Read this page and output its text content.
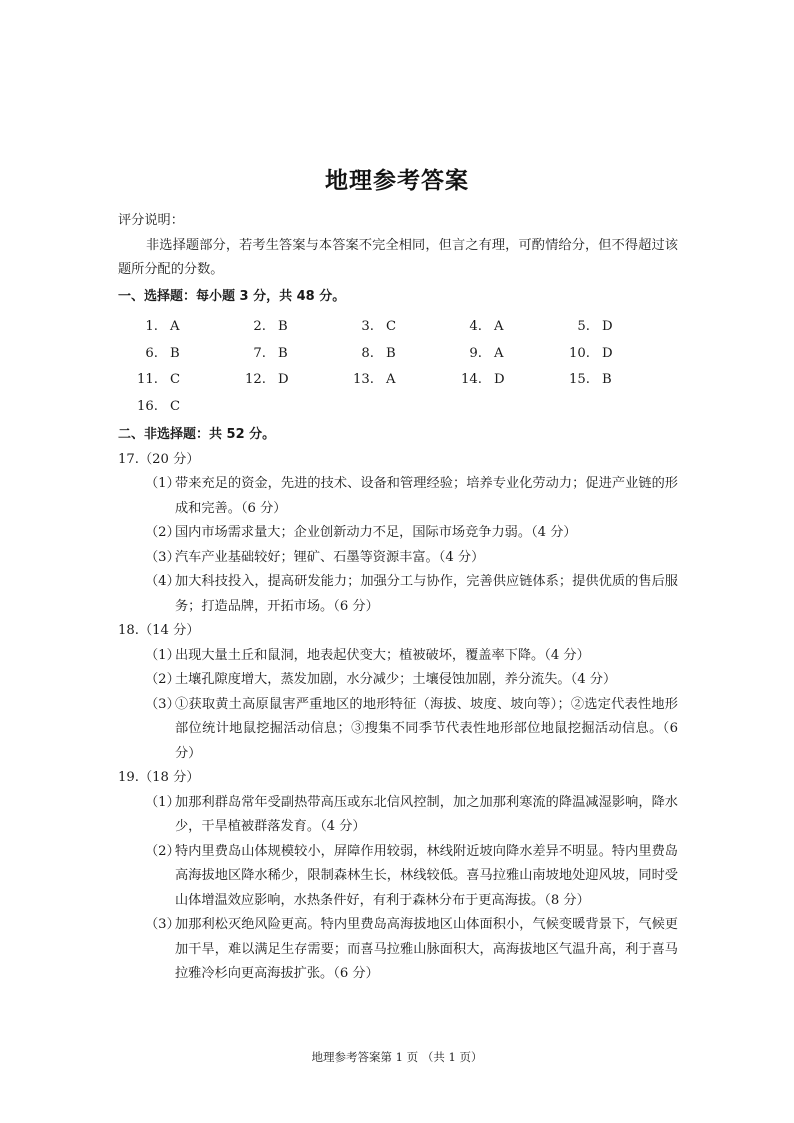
地理参考答案
评分说明：
非选择题部分，若考生答案与本答案不完全相同，但言之有理，可酌情给分，但不得超过该题所分配的分数。
一、选择题：每小题 3 分，共 48 分。
1. A	2. B	3. C	4. A	5. D
6. B	7. B	8. B	9. A	10. D
11. C	12. D	13. A	14. D	15. B
16. C
二、非选择题：共 52 分。
17.（20 分）
（1）
带来充足的资金，先进的技术、设备和管理经验；培养专业化劳动力；促进产业链的形成和完善。（6 分）
（2）
国内市场需求量大；企业创新动力不足，国际市场竞争力弱。（4 分）
（3）
汽车产业基础较好；锂矿、石墨等资源丰富。（4 分）
（4）
加大科技投入，提高研发能力；加强分工与协作，完善供应链体系；提供优质的售后服务；打造品牌，开拓市场。（6 分）
18.（14 分）
（1）
出现大量土丘和鼠洞，地表起伏变大；植被破坏，覆盖率下降。（4 分）
（2）
土壤孔隙度增大，蒸发加剧，水分减少；土壤侵蚀加剧，养分流失。（4 分）
（3）
①获取黄土高原鼠害严重地区的地形特征（海拔、坡度、坡向等）；②选定代表性地形部位统计地鼠挖掘活动信息；③搜集不同季节代表性地形部位地鼠挖掘活动信息。（6 分）
19.（18 分）
（1）
加那利群岛常年受副热带高压或东北信风控制，加之加那利寒流的降温减湿影响，降水少，干旱植被群落发育。（4 分）
（2）
特内里费岛山体规模较小，屏障作用较弱，林线附近坡向降水差异不明显。特内里费岛高海拔地区降水稀少，限制森林生长，林线较低。喜马拉雅山南坡地处迎风坡，同时受山体增温效应影响，水热条件好，有利于森林分布于更高海拔。（8 分）
（3）
加那利松灭绝风险更高。特内里费岛高海拔地区山体面积小，气候变暖背景下，气候更加干旱，难以满足生存需要；而喜马拉雅山脉面积大，高海拔地区气温升高，利于喜马拉雅冷杉向更高海拔扩张。（6 分）
地理参考答案第 1 页 （共 1 页）
